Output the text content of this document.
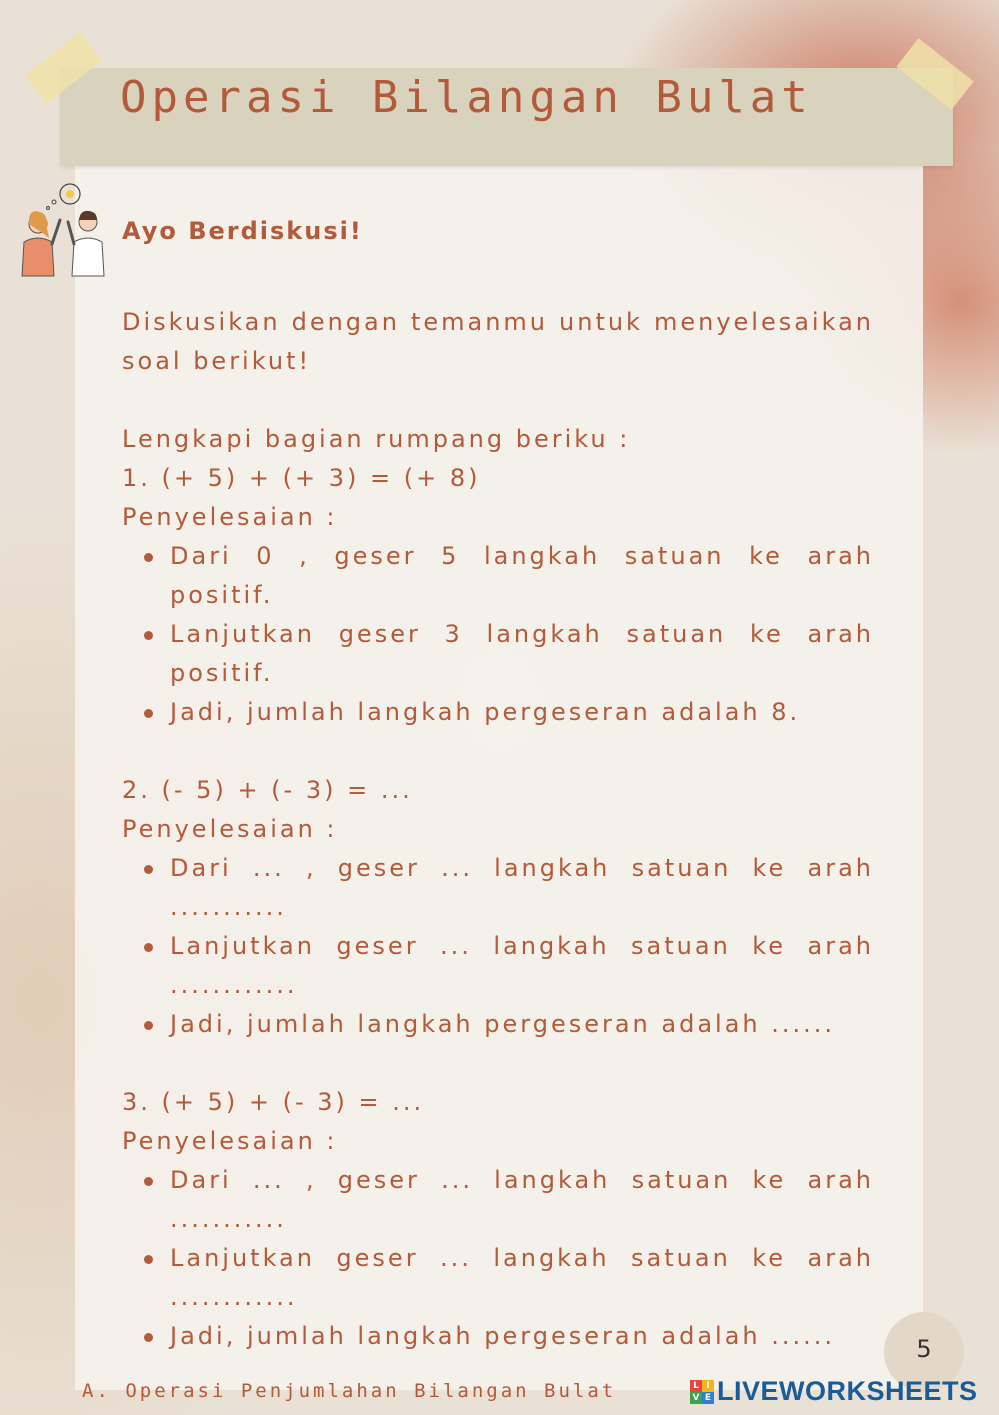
Operasi Bilangan Bulat

Ayo Berdiskusi!

Diskusikan dengan temanmu untuk menyelesaikan soal berikut!

Lengkapi bagian rumpang beriku :

1. (+ 5) + (+ 3) = (+ 8)

Penyelesaian :

Dari 0 , geser 5 langkah satuan ke arah positif.
Lanjutkan geser 3 langkah satuan ke arah positif.
Jadi, jumlah langkah pergeseran adalah 8.

2. (- 5) + (- 3) = ...

Penyelesaian :

Dari ... , geser ... langkah satuan ke arah ...........
Lanjutkan geser ... langkah satuan ke arah ............
Jadi, jumlah langkah pergeseran adalah ......

3. (+ 5) + (- 3) = ...

Penyelesaian :

Dari ... , geser ... langkah satuan ke arah ...........
Lanjutkan geser ... langkah satuan ke arah ............
Jadi, jumlah langkah pergeseran adalah ......	5
A. Operasi Penjumlahan Bilangan Bulat	L I
V E LIVEWORKSHEETS
